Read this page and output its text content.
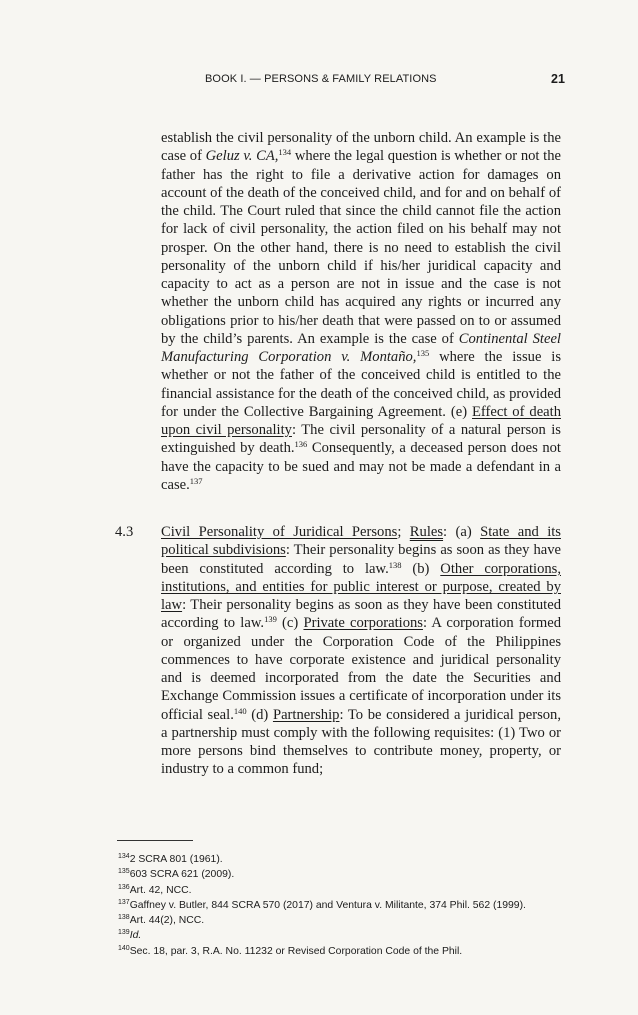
BOOK I. — PERSONS & FAMILY RELATIONS	21

establish the civil personality of the unborn child. An example is the case of Geluz v. CA,$^{134}$ where the legal question is whether or not the father has the right to file a derivative action for damages on account of the death of the conceived child, and for and on behalf of the child. The Court ruled that since the child cannot file the action for lack of civil personality, the action filed on his behalf may not prosper. On the other hand, there is no need to establish the civil personality of the unborn child if his/her juridical capacity and capacity to act as a person are not in issue and the case is not whether the unborn child has acquired any rights or incurred any obligations prior to his/her death that were passed on to or assumed by the child’s parents. An example is the case of Continental Steel Manufacturing Corporation v. Montaño,$^{135}$ where the issue is whether or not the father of the conceived child is entitled to the financial assistance for the death of the conceived child, as provided for under the Collective Bargaining Agreement. (e) Effect of death upon civil personality: The civil personality of a natural person is extinguished by death.$^{136}$ Consequently, a deceased person does not have the capacity to be sued and may not be made a defendant in a case.$^{137}$

4.3 Civil Personality of Juridical Persons; Rules: (a) State and its political subdivisions: Their personality begins as soon as they have been constituted according to law.$^{138}$ (b) Other corporations, institutions, and entities for public interest or purpose, created by law: Their personality begins as soon as they have been constituted according to law.$^{139}$ (c) Private corporations: A corporation formed or organized under the Corporation Code of the Philippines commences to have corporate existence and juridical personality and is deemed incorporated from the date the Securities and Exchange Commission issues a certificate of incorporation under its official seal.$^{140}$ (d) Partnership: To be considered a juridical person, a partnership must comply with the following requisites: (1) Two or more persons bind themselves to contribute money, property, or industry to a common fund;

$^{134}$2 SCRA 801 (1961).
$^{135}$603 SCRA 621 (2009).
$^{136}$Art. 42, NCC.
$^{137}$Gaffney v. Butler, 844 SCRA 570 (2017) and Ventura v. Militante, 374 Phil. 562 (1999).
$^{138}$Art. 44(2), NCC.
$^{139}$Id.
$^{140}$Sec. 18, par. 3, R.A. No. 11232 or Revised Corporation Code of the Phil.
